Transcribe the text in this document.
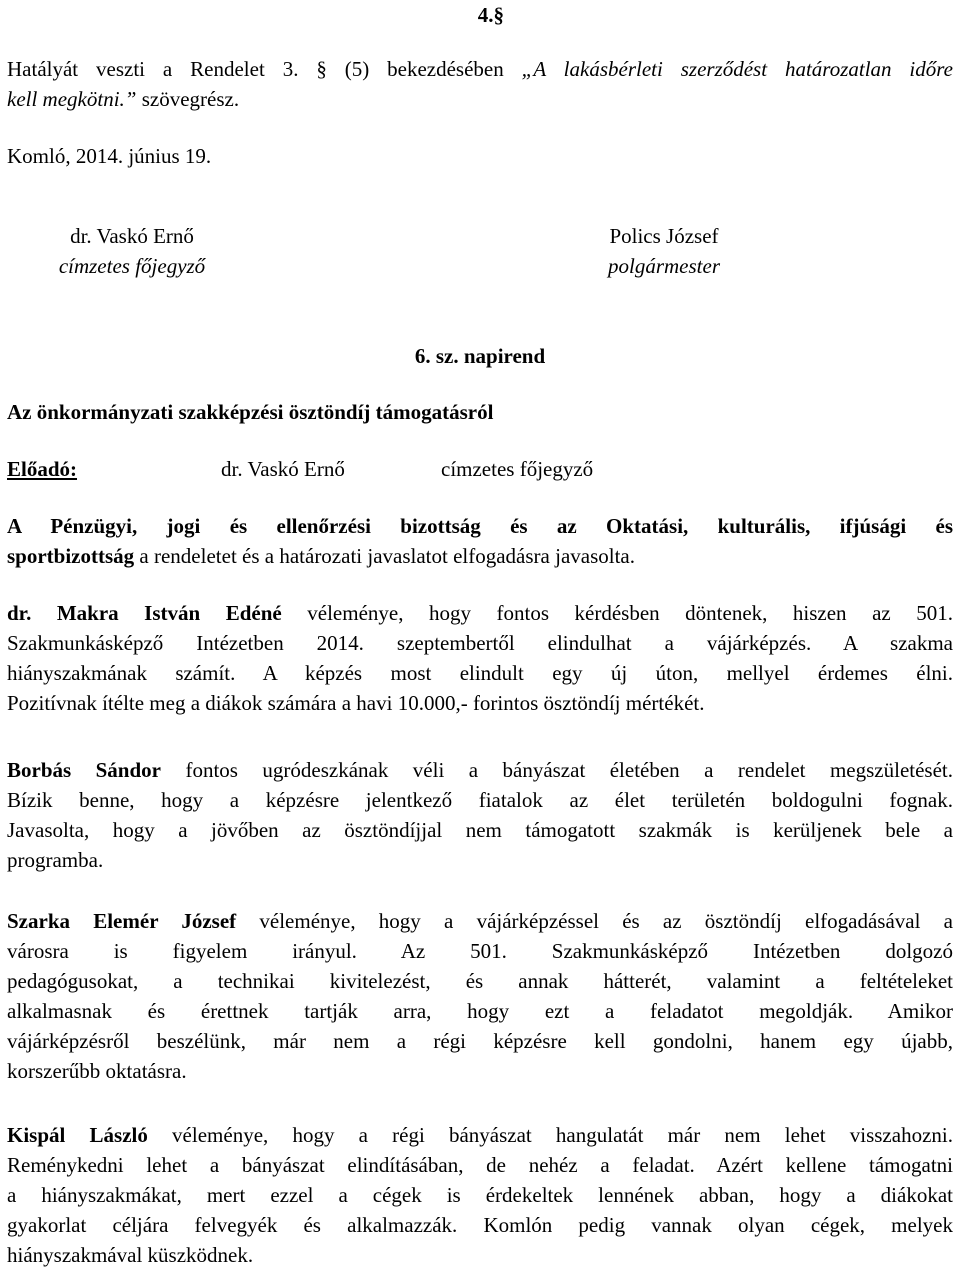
4.§
Hatályát veszti a Rendelet 3. § (5) bekezdésében „A lakásbérleti szerződést határozatlan időre
kell megkötni.” szövegrész.
Komló, 2014. június 19.
dr. Vaskó Ernő
címzetes főjegyző
Polics József
polgármester
6. sz. napirend
Az önkormányzati szakképzési ösztöndíj támogatásról
Előadó:	dr. Vaskó Ernő	címzetes főjegyző
A Pénzügyi, jogi és ellenőrzési bizottság és az Oktatási, kulturális, ifjúsági és
sportbizottság a rendeletet és a határozati javaslatot elfogadásra javasolta.
dr. Makra István Edéné véleménye, hogy fontos kérdésben döntenek, hiszen az 501.
Szakmunkásképző Intézetben 2014. szeptembertől elindulhat a vájárképzés. A szakma
hiányszakmának számít. A képzés most elindult egy új úton, mellyel érdemes élni.
Pozitívnak ítélte meg a diákok számára a havi 10.000,- forintos ösztöndíj mértékét.
Borbás Sándor fontos ugródeszkának véli a bányászat életében a rendelet megszületését.
Bízik benne, hogy a képzésre jelentkező fiatalok az élet területén boldogulni fognak.
Javasolta, hogy a jövőben az ösztöndíjjal nem támogatott szakmák is kerüljenek bele a
programba.
Szarka Elemér József véleménye, hogy a vájárképzéssel és az ösztöndíj elfogadásával a
városra is figyelem irányul. Az 501. Szakmunkásképző Intézetben dolgozó
pedagógusokat, a technikai kivitelezést, és annak hátterét, valamint a feltételeket
alkalmasnak és érettnek tartják arra, hogy ezt a feladatot megoldják. Amikor
vájárképzésről beszélünk, már nem a régi képzésre kell gondolni, hanem egy újabb,
korszerűbb oktatásra.
Kispál László véleménye, hogy a régi bányászat hangulatát már nem lehet visszahozni.
Reménykedni lehet a bányászat elindításában, de nehéz a feladat. Azért kellene támogatni
a hiányszakmákat, mert ezzel a cégek is érdekeltek lennének abban, hogy a diákokat
gyakorlat céljára felvegyék és alkalmazzák. Komlón pedig vannak olyan cégek, melyek
hiányszakmával küszködnek.
